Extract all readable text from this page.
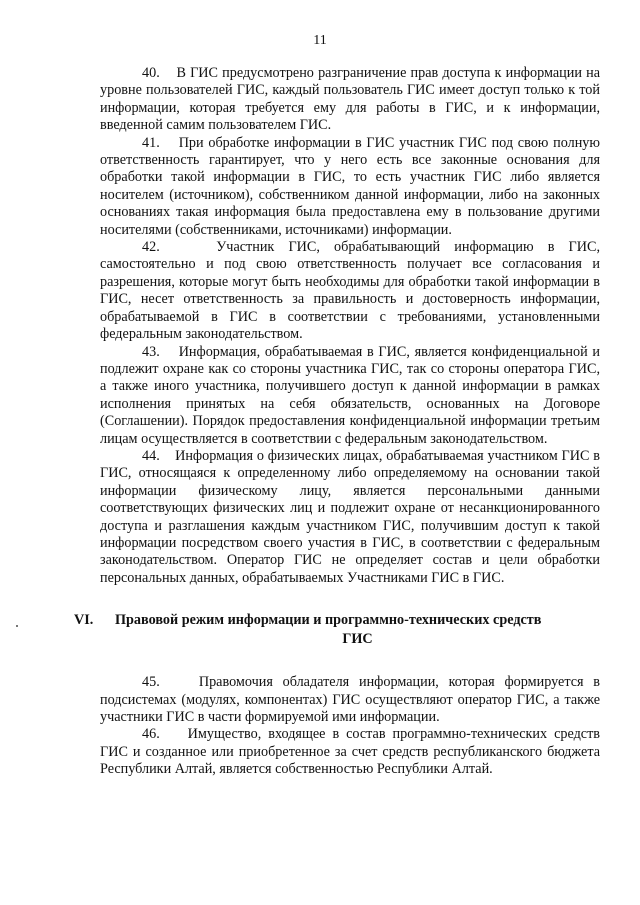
11

40. В ГИС предусмотрено разграничение прав доступа к информации на уровне пользователей ГИС, каждый пользователь ГИС имеет доступ только к той информации, которая требуется ему для работы в ГИС, и к информации, введенной самим пользователем ГИС.

41. При обработке информации в ГИС участник ГИС под свою полную ответственность гарантирует, что у него есть все законные основания для обработки такой информации в ГИС, то есть участник ГИС либо является носителем (источником), собственником данной информации, либо на законных основаниях такая информация была предоставлена ему в пользование другими носителями (собственниками, источниками) информации.

42.	Участник ГИС, обрабатывающий информацию в ГИС, самостоятельно и под свою ответственность получает все согласования и разрешения, которые могут быть необходимы для обработки такой информации в ГИС, несет ответственность за правильность и достоверность информации, обрабатываемой в ГИС в соответствии с требованиями, установленными федеральным законодательством.

43. Информация, обрабатываемая в ГИС, является конфиденциальной и подлежит охране как со стороны участника ГИС, так со стороны оператора ГИС, а также иного участника, получившего доступ к данной информации в рамках исполнения принятых на себя обязательств, основанных на Договоре (Соглашении). Порядок предоставления конфиденциальной информации третьим лицам осуществляется в соответствии с федеральным законодательством.

44. Информация о физических лицах, обрабатываемая участником ГИС в ГИС, относящаяся к определенному либо определяемому на основании такой информации физическому лицу, является персональными данными соответствующих физических лиц и подлежит охране от несанкционированного доступа и разглашения каждым участником ГИС, получившим доступ к такой информации посредством своего участия в ГИС, в соответствии с федеральным законодательством. Оператор ГИС не определяет состав и цели обработки персональных данных, обрабатываемых Участниками ГИС в ГИС.

VI. Правовой режим информации и программно-технических средств
ГИС

45.	Правомочия обладателя информации, которая формируется в подсистемах (модулях, компонентах) ГИС осуществляют оператор ГИС, а также участники ГИС в части формируемой ими информации.

46. Имущество, входящее в состав программно-технических средств ГИС и созданное или приобретенное за счет средств республиканского бюджета Республики Алтай, является собственностью Республики Алтай.
